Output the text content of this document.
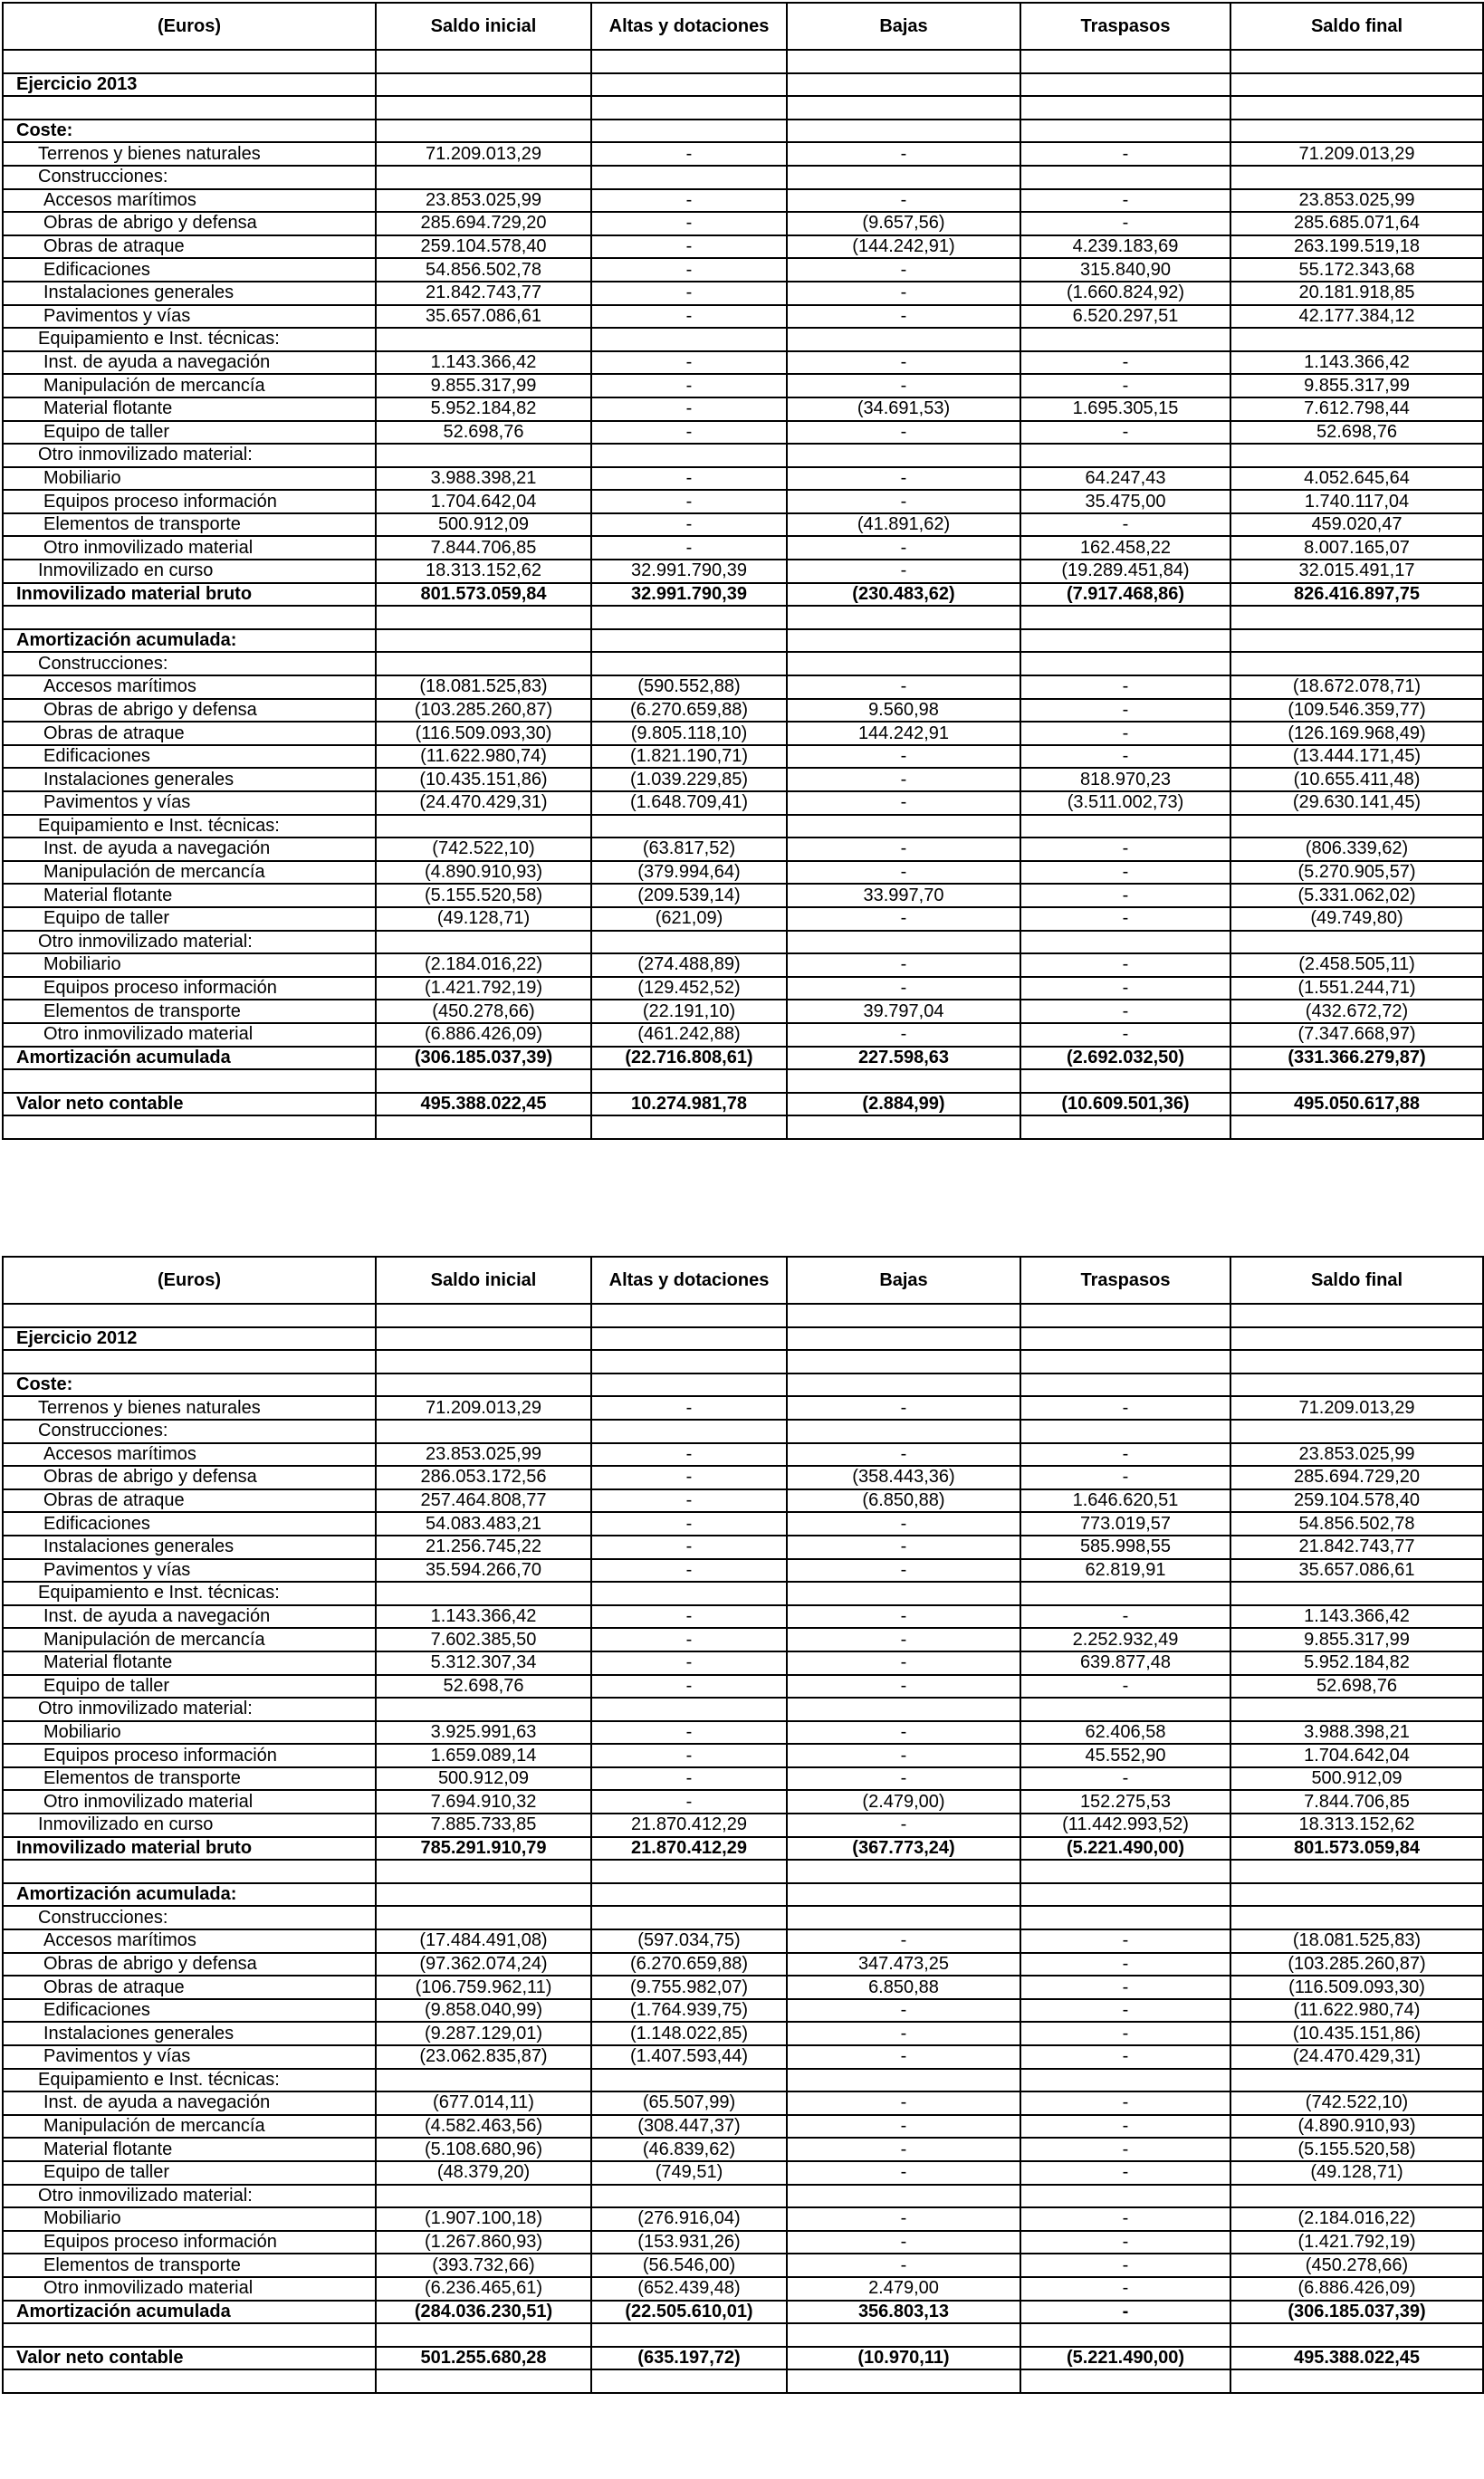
(Euros)	Saldo inicial	Altas y dotaciones	Bajas	Traspasos	Saldo final

Ejercicio 2013					

Coste:					
Terrenos y bienes naturales	71.209.013,29	-	-	-	71.209.013,29
Construcciones:					
Accesos marítimos	23.853.025,99	-	-	-	23.853.025,99
Obras de abrigo y defensa	285.694.729,20	-	(9.657,56)	-	285.685.071,64
Obras de atraque	259.104.578,40	-	(144.242,91)	4.239.183,69	263.199.519,18
Edificaciones	54.856.502,78	-	-	315.840,90	55.172.343,68
Instalaciones generales	21.842.743,77	-	-	(1.660.824,92)	20.181.918,85
Pavimentos y vías	35.657.086,61	-	-	6.520.297,51	42.177.384,12
Equipamiento e Inst. técnicas:					
Inst. de ayuda a navegación	1.143.366,42	-	-	-	1.143.366,42
Manipulación de mercancía	9.855.317,99	-	-	-	9.855.317,99
Material flotante	5.952.184,82	-	(34.691,53)	1.695.305,15	7.612.798,44
Equipo de taller	52.698,76	-	-	-	52.698,76
Otro inmovilizado material:					
Mobiliario	3.988.398,21	-	-	64.247,43	4.052.645,64
Equipos proceso información	1.704.642,04	-	-	35.475,00	1.740.117,04
Elementos de transporte	500.912,09	-	(41.891,62)	-	459.020,47
Otro inmovilizado material	7.844.706,85	-	-	162.458,22	8.007.165,07
Inmovilizado en curso	18.313.152,62	32.991.790,39	-	(19.289.451,84)	32.015.491,17
Inmovilizado material bruto	801.573.059,84	32.991.790,39	(230.483,62)	(7.917.468,86)	826.416.897,75

Amortización acumulada:					
Construcciones:					
Accesos marítimos	(18.081.525,83)	(590.552,88)	-	-	(18.672.078,71)
Obras de abrigo y defensa	(103.285.260,87)	(6.270.659,88)	9.560,98	-	(109.546.359,77)
Obras de atraque	(116.509.093,30)	(9.805.118,10)	144.242,91	-	(126.169.968,49)
Edificaciones	(11.622.980,74)	(1.821.190,71)	-	-	(13.444.171,45)
Instalaciones generales	(10.435.151,86)	(1.039.229,85)	-	818.970,23	(10.655.411,48)
Pavimentos y vías	(24.470.429,31)	(1.648.709,41)	-	(3.511.002,73)	(29.630.141,45)
Equipamiento e Inst. técnicas:					
Inst. de ayuda a navegación	(742.522,10)	(63.817,52)	-	-	(806.339,62)
Manipulación de mercancía	(4.890.910,93)	(379.994,64)	-	-	(5.270.905,57)
Material flotante	(5.155.520,58)	(209.539,14)	33.997,70	-	(5.331.062,02)
Equipo de taller	(49.128,71)	(621,09)	-	-	(49.749,80)
Otro inmovilizado material:					
Mobiliario	(2.184.016,22)	(274.488,89)	-	-	(2.458.505,11)
Equipos proceso información	(1.421.792,19)	(129.452,52)	-	-	(1.551.244,71)
Elementos de transporte	(450.278,66)	(22.191,10)	39.797,04	-	(432.672,72)
Otro inmovilizado material	(6.886.426,09)	(461.242,88)	-	-	(7.347.668,97)
Amortización acumulada	(306.185.037,39)	(22.716.808,61)	227.598,63	(2.692.032,50)	(331.366.279,87)

Valor neto contable	495.388.022,45	10.274.981,78	(2.884,99)	(10.609.501,36)	495.050.617,88

(Euros)	Saldo inicial	Altas y dotaciones	Bajas	Traspasos	Saldo final

Ejercicio 2012					

Coste:					
Terrenos y bienes naturales	71.209.013,29	-	-	-	71.209.013,29
Construcciones:					
Accesos marítimos	23.853.025,99	-	-	-	23.853.025,99
Obras de abrigo y defensa	286.053.172,56	-	(358.443,36)	-	285.694.729,20
Obras de atraque	257.464.808,77	-	(6.850,88)	1.646.620,51	259.104.578,40
Edificaciones	54.083.483,21	-	-	773.019,57	54.856.502,78
Instalaciones generales	21.256.745,22	-	-	585.998,55	21.842.743,77
Pavimentos y vías	35.594.266,70	-	-	62.819,91	35.657.086,61
Equipamiento e Inst. técnicas:					
Inst. de ayuda a navegación	1.143.366,42	-	-	-	1.143.366,42
Manipulación de mercancía	7.602.385,50	-	-	2.252.932,49	9.855.317,99
Material flotante	5.312.307,34	-	-	639.877,48	5.952.184,82
Equipo de taller	52.698,76	-	-	-	52.698,76
Otro inmovilizado material:					
Mobiliario	3.925.991,63	-	-	62.406,58	3.988.398,21
Equipos proceso información	1.659.089,14	-	-	45.552,90	1.704.642,04
Elementos de transporte	500.912,09	-	-	-	500.912,09
Otro inmovilizado material	7.694.910,32	-	(2.479,00)	152.275,53	7.844.706,85
Inmovilizado en curso	7.885.733,85	21.870.412,29	-	(11.442.993,52)	18.313.152,62
Inmovilizado material bruto	785.291.910,79	21.870.412,29	(367.773,24)	(5.221.490,00)	801.573.059,84

Amortización acumulada:					
Construcciones:					
Accesos marítimos	(17.484.491,08)	(597.034,75)	-	-	(18.081.525,83)
Obras de abrigo y defensa	(97.362.074,24)	(6.270.659,88)	347.473,25	-	(103.285.260,87)
Obras de atraque	(106.759.962,11)	(9.755.982,07)	6.850,88	-	(116.509.093,30)
Edificaciones	(9.858.040,99)	(1.764.939,75)	-	-	(11.622.980,74)
Instalaciones generales	(9.287.129,01)	(1.148.022,85)	-	-	(10.435.151,86)
Pavimentos y vías	(23.062.835,87)	(1.407.593,44)	-	-	(24.470.429,31)
Equipamiento e Inst. técnicas:					
Inst. de ayuda a navegación	(677.014,11)	(65.507,99)	-	-	(742.522,10)
Manipulación de mercancía	(4.582.463,56)	(308.447,37)	-	-	(4.890.910,93)
Material flotante	(5.108.680,96)	(46.839,62)	-	-	(5.155.520,58)
Equipo de taller	(48.379,20)	(749,51)	-	-	(49.128,71)
Otro inmovilizado material:					
Mobiliario	(1.907.100,18)	(276.916,04)	-	-	(2.184.016,22)
Equipos proceso información	(1.267.860,93)	(153.931,26)	-	-	(1.421.792,19)
Elementos de transporte	(393.732,66)	(56.546,00)	-	-	(450.278,66)
Otro inmovilizado material	(6.236.465,61)	(652.439,48)	2.479,00	-	(6.886.426,09)
Amortización acumulada	(284.036.230,51)	(22.505.610,01)	356.803,13	-	(306.185.037,39)

Valor neto contable	501.255.680,28	(635.197,72)	(10.970,11)	(5.221.490,00)	495.388.022,45
